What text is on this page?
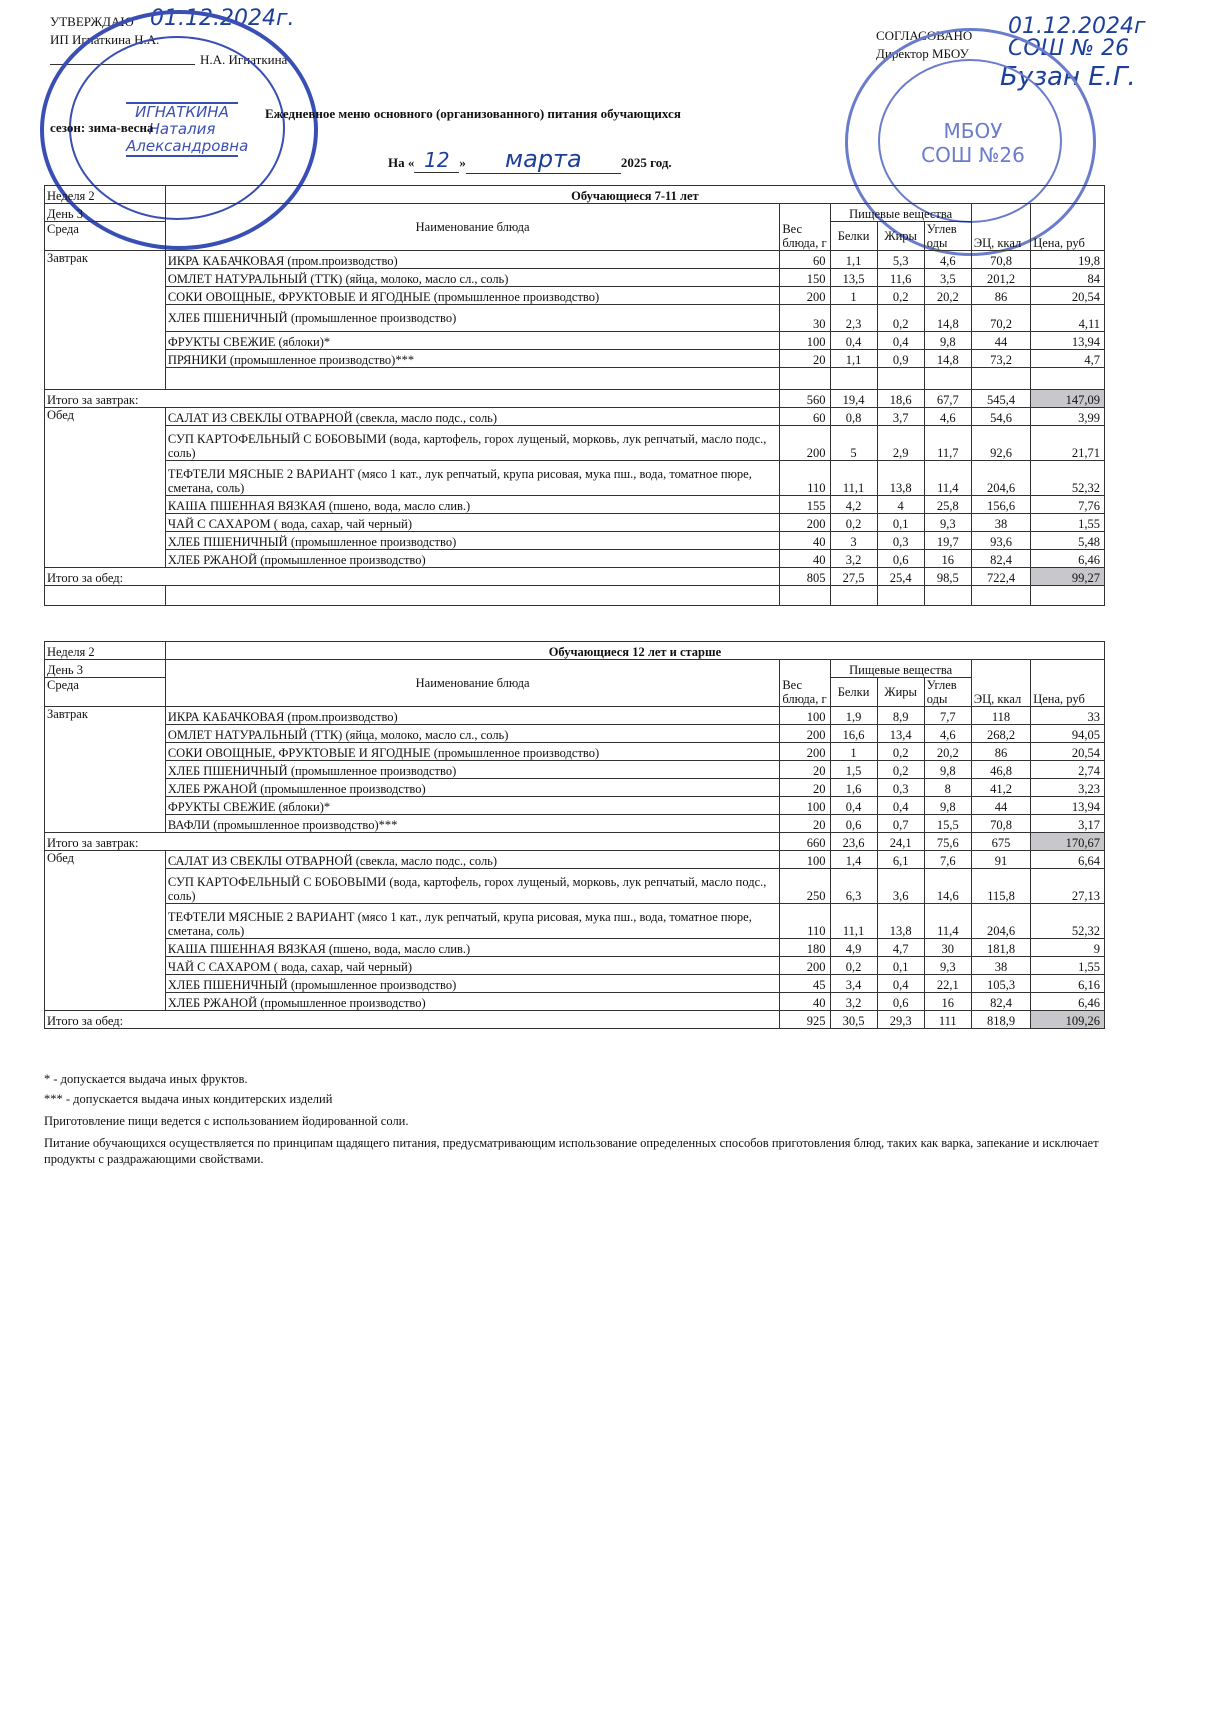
УТВЕРЖДАЮ 01.12.2024г.
ИП Игнаткина Н.А.
Н.А. Игнаткина
СОГЛАСОВАНО 01.12.2024г
Директор МБОУ СОШ № 26
Бузан Е.Г.
ИГНАТКИНА
Наталия
Александровна
МБОУ
СОШ №26
Ежедневное меню основного (организованного) питания обучающихся
сезон: зима-весна
На « 12 » марта	2025 год.
Неделя 2	Обучающиеся 7-11 лет						
День 3	Наименование блюда	Вес блюда, г	Пищевые вещества			ЭЦ, ккал	Цена, руб
Среда			Белки	Жиры	Углев оды		

Завтрак	ИКРА КАБАЧКОВАЯ (пром.производство)	60	1,1	5,3	4,6	70,8	19,8
	ОМЛЕТ НАТУРАЛЬНЫЙ (ТТК) (яйца, молоко, масло сл., соль)	150	13,5	11,6	3,5	201,2	84
	СОКИ ОВОЩНЫЕ, ФРУКТОВЫЕ И ЯГОДНЫЕ (промышленное производство)	200	1	0,2	20,2	86	20,54
	ХЛЕБ ПШЕНИЧНЫЙ (промышленное производство)	30	2,3	0,2	14,8	70,2	4,11
	ФРУКТЫ СВЕЖИЕ (яблоки)*	100	0,4	0,4	9,8	44	13,94
	ПРЯНИКИ (промышленное производство)***	20	1,1	0,9	14,8	73,2	4,7

Итого за завтрак:		560	19,4	18,6	67,7	545,4	147,09
Обед	САЛАТ ИЗ СВЕКЛЫ ОТВАРНОЙ (свекла, масло подс., соль)	60	0,8	3,7	4,6	54,6	3,99
	СУП КАРТОФЕЛЬНЫЙ С БОБОВЫМИ (вода, картофель, горох лущеный, морковь, лук репчатый, масло подс., соль)	200	5	2,9	11,7	92,6	21,71
	ТЕФТЕЛИ МЯСНЫЕ 2 ВАРИАНТ (мясо 1 кат., лук репчатый, крупа рисовая, мука пш., вода, томатное пюре, сметана, соль)	110	11,1	13,8	11,4	204,6	52,32
	КАША ПШЕННАЯ ВЯЗКАЯ (пшено, вода, масло слив.)	155	4,2	4	25,8	156,6	7,76
	ЧАЙ С САХАРОМ ( вода, сахар, чай черный)	200	0,2	0,1	9,3	38	1,55
	ХЛЕБ ПШЕНИЧНЫЙ (промышленное производство)	40	3	0,3	19,7	93,6	5,48
	ХЛЕБ РЖАНОЙ (промышленное производство)	40	3,2	0,6	16	82,4	6,46
Итого за обед:		805	27,5	25,4	98,5	722,4	99,27

Неделя 2	Обучающиеся 12 лет и старше						
День 3	Наименование блюда	Вес блюда, г	Пищевые вещества			ЭЦ, ккал	Цена, руб
Среда			Белки	Жиры	Углев оды		

Завтрак	ИКРА КАБАЧКОВАЯ (пром.производство)	100	1,9	8,9	7,7	118	33
	ОМЛЕТ НАТУРАЛЬНЫЙ (ТТК) (яйца, молоко, масло сл., соль)	200	16,6	13,4	4,6	268,2	94,05
	СОКИ ОВОЩНЫЕ, ФРУКТОВЫЕ И ЯГОДНЫЕ (промышленное производство)	200	1	0,2	20,2	86	20,54
	ХЛЕБ ПШЕНИЧНЫЙ (промышленное производство)	20	1,5	0,2	9,8	46,8	2,74
	ХЛЕБ РЖАНОЙ (промышленное производство)	20	1,6	0,3	8	41,2	3,23
	ФРУКТЫ СВЕЖИЕ (яблоки)*	100	0,4	0,4	9,8	44	13,94
	ВАФЛИ (промышленное производство)***	20	0,6	0,7	15,5	70,8	3,17
Итого за завтрак:		660	23,6	24,1	75,6	675	170,67
Обед	САЛАТ ИЗ СВЕКЛЫ ОТВАРНОЙ (свекла, масло подс., соль)	100	1,4	6,1	7,6	91	6,64
	СУП КАРТОФЕЛЬНЫЙ С БОБОВЫМИ (вода, картофель, горох лущеный, морковь, лук репчатый, масло подс., соль)	250	6,3	3,6	14,6	115,8	27,13
	ТЕФТЕЛИ МЯСНЫЕ 2 ВАРИАНТ (мясо 1 кат., лук репчатый, крупа рисовая, мука пш., вода, томатное пюре, сметана, соль)	110	11,1	13,8	11,4	204,6	52,32
	КАША ПШЕННАЯ ВЯЗКАЯ (пшено, вода, масло слив.)	180	4,9	4,7	30	181,8	9
	ЧАЙ С САХАРОМ ( вода, сахар, чай черный)	200	0,2	0,1	9,3	38	1,55
	ХЛЕБ ПШЕНИЧНЫЙ (промышленное производство)	45	3,4	0,4	22,1	105,3	6,16
	ХЛЕБ РЖАНОЙ (промышленное производство)	40	3,2	0,6	16	82,4	6,46
Итого за обед:		925	30,5	29,3	111	818,9	109,26
* - допускается выдача иных фруктов.
*** - допускается выдача иных кондитерских изделий
Приготовление пищи ведется с использованием йодированной соли.
Питание обучающихся осуществляется по принципам щадящего питания, предусматривающим использование определенных способов приготовления блюд, таких как варка, запекание и исключает продукты с раздражающими свойствами.
